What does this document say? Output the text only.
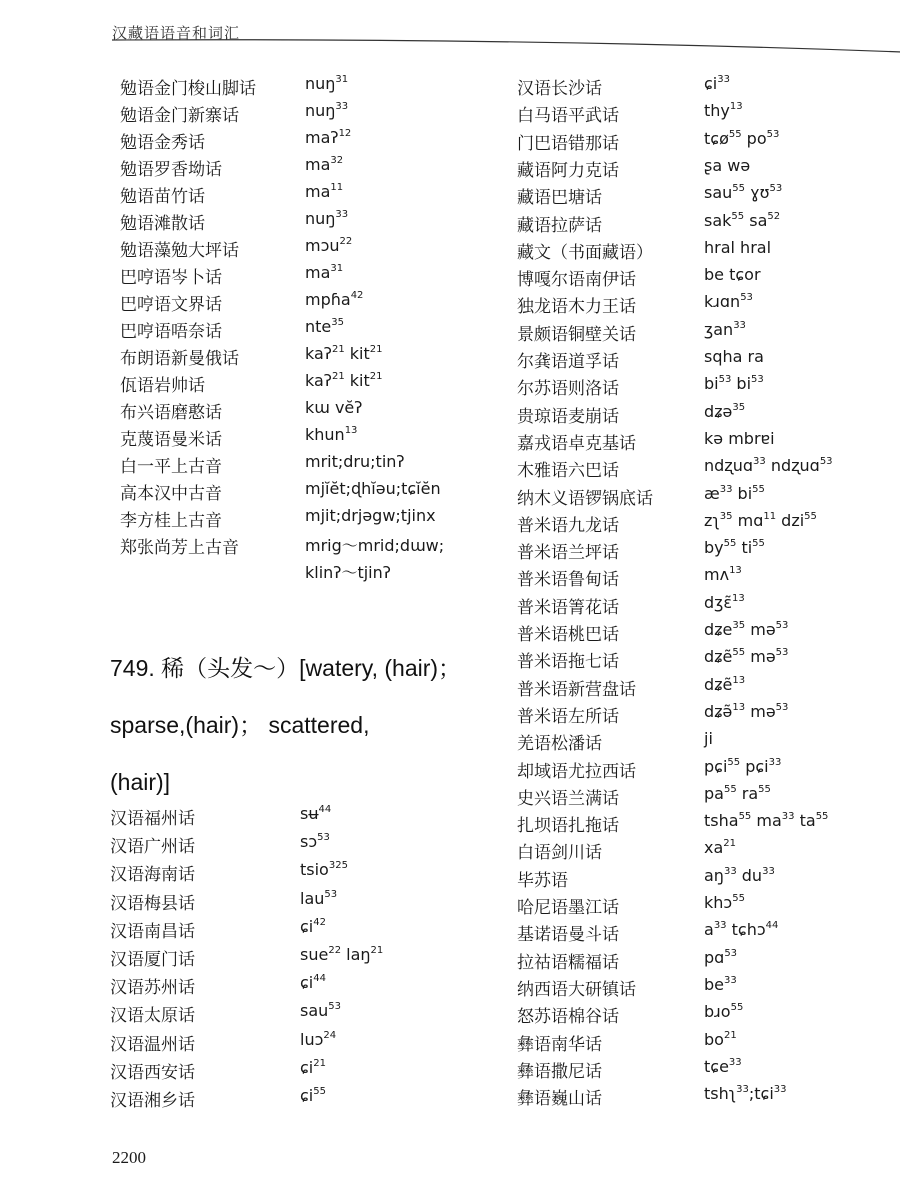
汉藏语语音和词汇
勉语金门梭山脚话	nuŋ$^{31}$
勉语金门新寨话	nuŋ$^{33}$
勉语金秀话	maʔ$^{12}$
勉语罗香坳话	$ma^{32}$
勉语苗竹话	$ma^{11}$
勉语滩散话	nuŋ$^{33}$
勉语藻勉大坪话	mɔu$^{22}$
巴哼语岑卜话	$ma^{31}$
巴哼语文界话	mpɦa$^{42}$
巴哼语唔奈话	nte$^{35}$
布朗语新曼俄话	kaʔ$^{21}$ kit$^{21}$
佤语岩帅话	kaʔ$^{21}$ kit$^{21}$
布兴语磨憨话	kɯ vĕʔ
克蔑语曼米话	khun$^{13}$
白一平上古音	mrit;dru;tinʔ
高本汉中古音	mjĭĕt;ɖhĭəu;tɕĭĕn
李方桂上古音	mjit;drjəgw;tjinx
郑张尚芳上古音	mrig～mrid;dɯw;
klinʔ～tjinʔ
749. 稀（头发～）[watery, (hair)；
sparse,(hair)； scattered,
(hair)]
汉语福州话	sʉ$^{44}$
汉语广州话	sɔ$^{53}$
汉语海南话	tsio$^{325}$
汉语梅县话	lau$^{53}$
汉语南昌话	ɕi$^{42}$
汉语厦门话	sue$^{22}$ laŋ$^{21}$
汉语苏州话	ɕi$^{44}$
汉语太原话	sau$^{53}$
汉语温州话	luɔ$^{24}$
汉语西安话	ɕi$^{21}$
汉语湘乡话	ɕi$^{55}$
汉语长沙话	ɕi$^{33}$
白马语平武话	thy$^{13}$
门巴语错那话	tɕø$^{55}$ $po^{53}$
藏语阿力克话	ʂa wə
藏语巴塘话	sau$^{55}$ ɣʊ$^{53}$
藏语拉萨话	sak$^{55}$ $sa^{52}$
藏文（书面藏语）	hral hral
博嘎尔语南伊话	be tɕor
独龙语木力王话	kɹɑn$^{53}$
景颇语铜壁关话	ʒan$^{33}$
尔龚语道孚话	sqha ra
尔苏语则洛话	$bi^{53}$ $bi^{53}$
贵琼语麦崩话	dʑə$^{35}$
嘉戎语卓克基话	kə mbrɐi
木雅语六巴话	ndʐuɑ$^{33}$ ndʐuɑ$^{53}$
纳木义语锣锅底话	$æ^{33}$ $bi^{55}$
普米语九龙话	zʅ$^{35}$ mɑ$^{11}$ dzi$^{55}$
普米语兰坪话	$by^{55}$ $ti^{55}$
普米语鲁甸话	mʌ$^{13}$
普米语箐花话	dʒɛ̃$^{13}$
普米语桃巴话	dʑe$^{35}$ mə$^{53}$
普米语拖七话	dʑẽ$^{55}$ mə$^{53}$
普米语新营盘话	dʑẽ$^{13}$
普米语左所话	dʑə̃$^{13}$ mə$^{53}$
羌语松潘话	ji
却域语尤拉西话	pɕi$^{55}$ pɕi$^{33}$
史兴语兰满话	$pa^{55}$ $ra^{55}$
扎坝语扎拖话	tsha$^{55}$ $ma^{33}$ $ta^{55}$
白语剑川话	$xa^{21}$
毕苏语	$aŋ^{33}$ $du^{33}$
哈尼语墨江话	khɔ$^{55}$
基诺语曼斗话	$a^{33}$ tɕhɔ$^{44}$
拉祜语糯福话	pɑ$^{53}$
纳西语大研镇话	$be^{33}$
怒苏语棉谷话	bɹo$^{55}$
彝语南华话	$bo^{21}$
彝语撒尼话	tɕe$^{33}$
彝语巍山话	tshʅ$^{33}$;tɕi$^{33}$
2200
